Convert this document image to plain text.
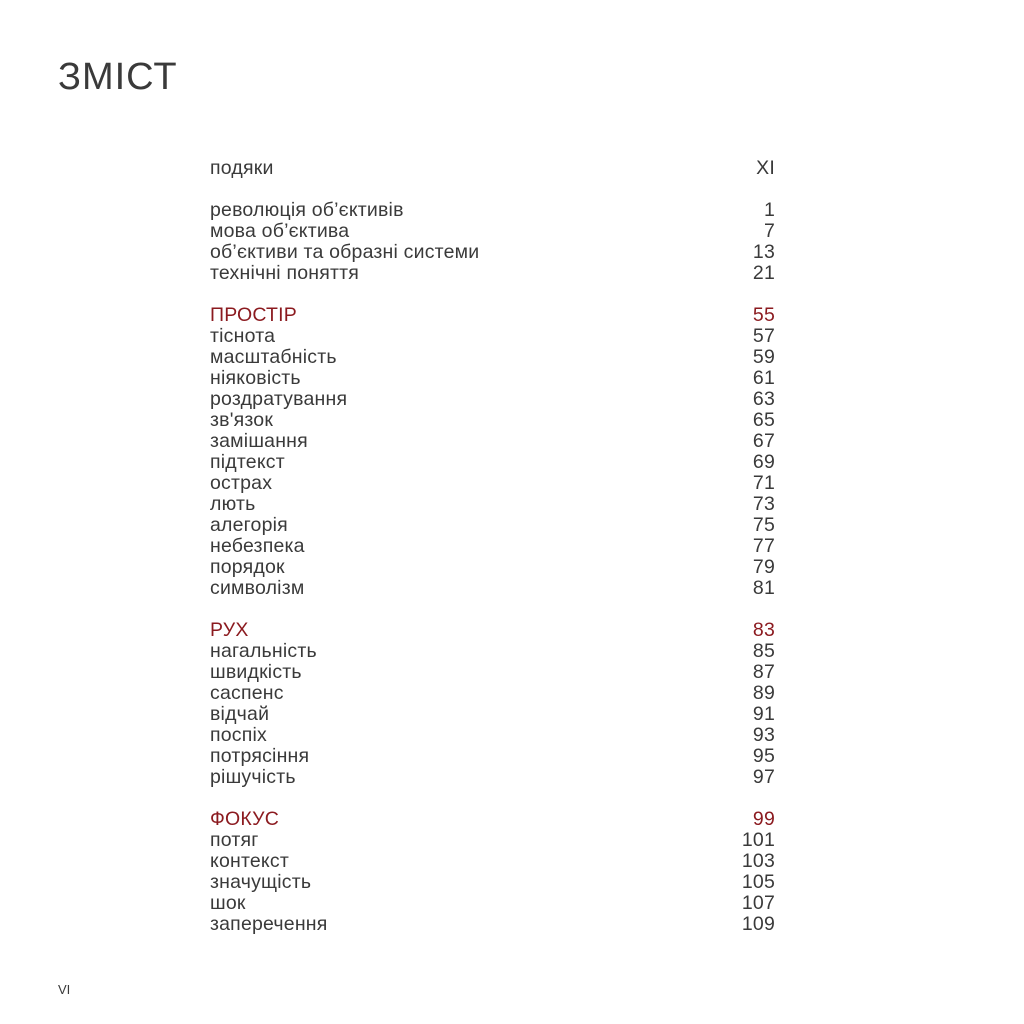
ЗМІСТ
подяки	XI
революція об’єктивів	1
мова об’єктива	7
об’єктиви та образні системи	13
технічні поняття	21
ПРОСТІР	55
тіснота	57
масштабність	59
ніяковість	61
роздратування	63
зв'язок	65
замішання	67
підтекст	69
острах	71
лють	73
алегорія	75
небезпека	77
порядок	79
символізм	81
РУХ	83
нагальність	85
швидкість	87
саспенс	89
відчай	91
поспіх	93
потрясіння	95
рішучість	97
ФОКУС	99
потяг	101
контекст	103
значущість	105
шок	107
заперечення	109
VI
